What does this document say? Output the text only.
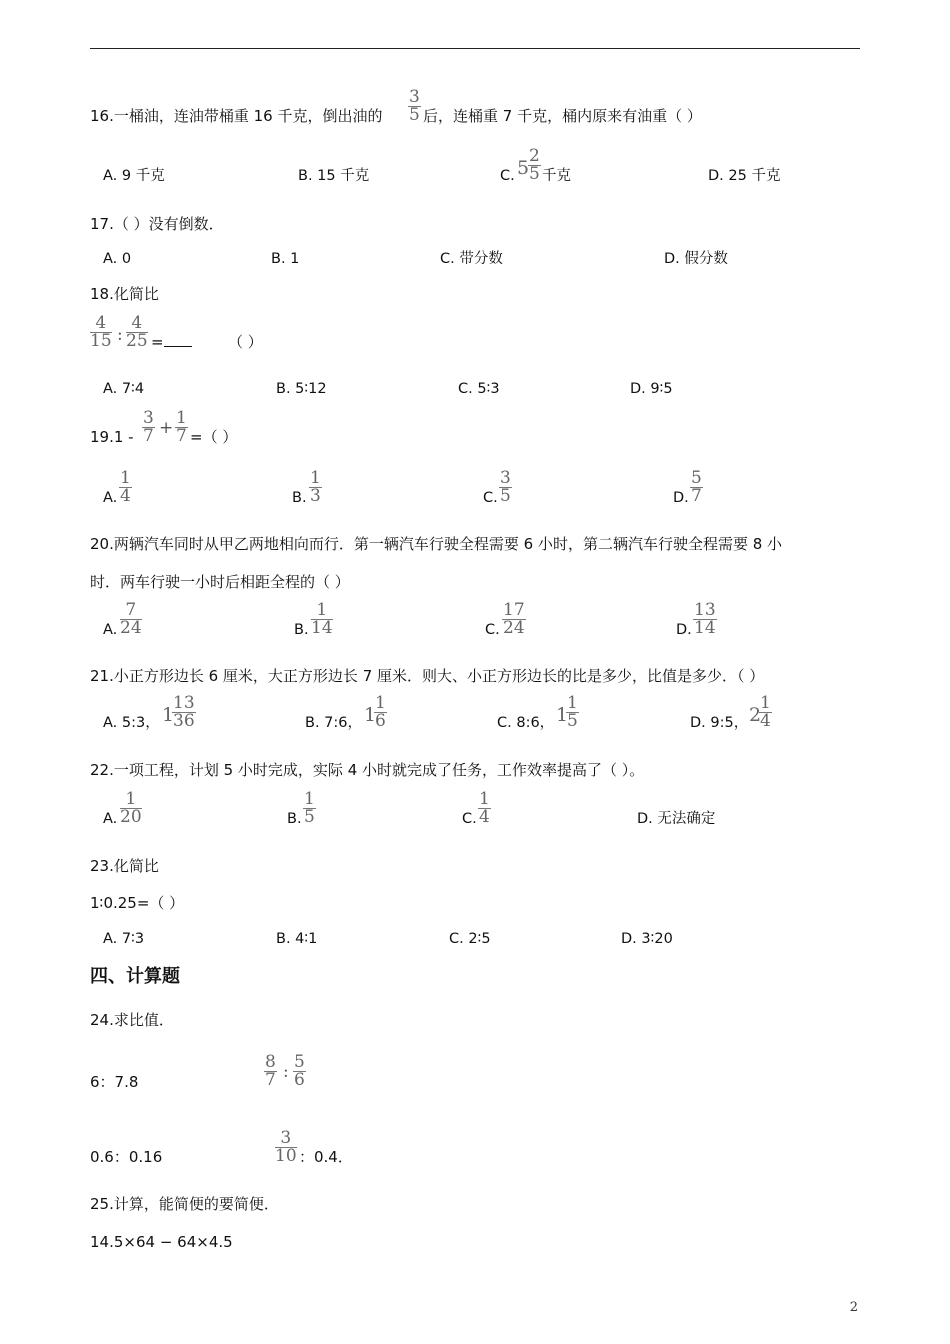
16.一桶油，连油带桶重 16 千克，倒出油的 $\frac{3}{5}$ 后，连桶重 7 千克，桶内原来有油重（ ）
A. 9 千克	B. 15 千克	C. 5
$\frac{2}{5}$ 千克	D. 25 千克
17.（ ）没有倒数．
A. 0	B. 1	C. 带分数	D. 假分数
18.化简比
$\frac{4}{15}$ : $\frac{4}{25}$ =	（ ）
A. 7∶4	B. 5∶12	C. 5∶3	D. 9∶5
$19.1 - \frac{3}{7} + \frac{1}{7}$ =（ ）
A. $\frac{1}{4}$	B. $\frac{1}{3}$	C. $\frac{3}{5}$	D. $\frac{5}{7}$
20.两辆汽车同时从甲乙两地相向而行．第一辆汽车行驶全程需要 6 小时，第二辆汽车行驶全程需要 8 小
时．两车行驶一小时后相距全程的（ ）
A. $\frac{7}{24}$	B. $\frac{1}{14}$	C. $\frac{17}{24}$	D. $\frac{13}{14}$
21.小正方形边长 6 厘米，大正方形边长 7 厘米．则大、小正方形边长的比是多少，比值是多少．（ ）
A. 5:3， 1
$\frac{13}{36}$	B. 7:6， 1
$\frac{1}{6}$	C. 8:6， 1
$\frac{1}{5}$	D. 9:5， 2
$\frac{1}{4}$
22.一项工程，计划 5 小时完成，实际 4 小时就完成了任务，工作效率提高了（ ）。
A. $\frac{1}{20}$	B. $\frac{1}{5}$	C. $\frac{1}{4}$	D. 无法确定
23.化简比
1∶0.25=（ ）
A. 7∶3	B. 4∶1	C. 2∶5	D. 3∶20
四、计算题
24.求比值．
6：7.8	$\frac{8}{7}$ : $\frac{5}{6}$
0.6：0.16	$\frac{3}{10}$ ：0.4．
25.计算，能简便的要简便．
14.5×64 − 64×4.5
2
